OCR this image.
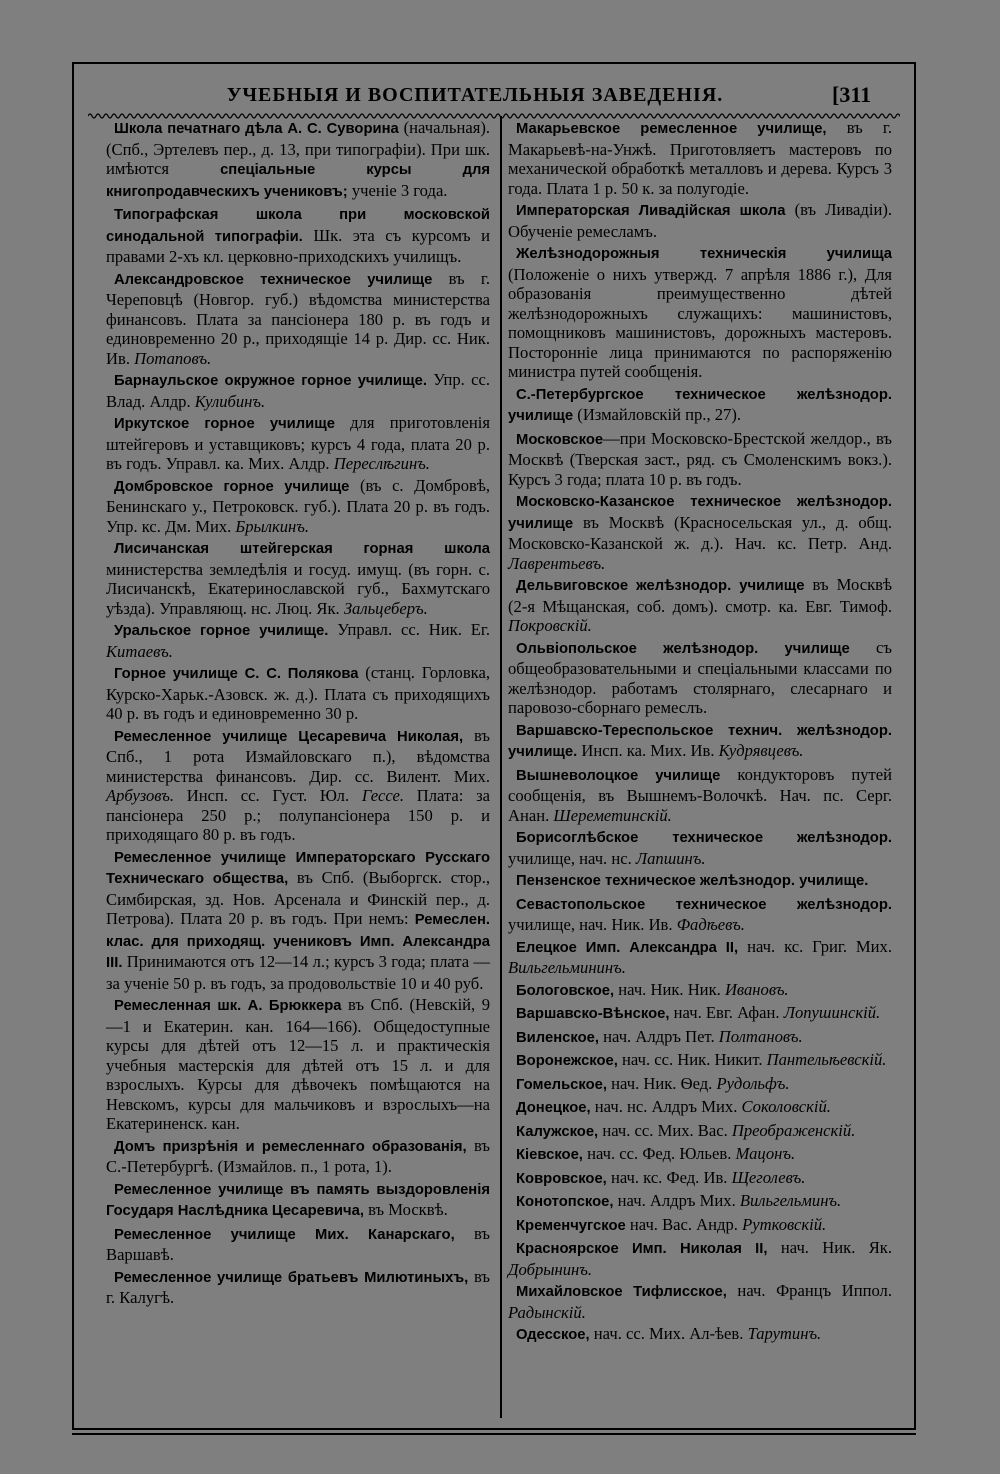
УЧЕБНЫЯ И ВОСПИТАТЕЛЬНЫЯ ЗАВЕДЕНІЯ.	[311

Школа печатнаго дѣла А. С. Суворина (начальная). (Спб., Эртелевъ пер., д. 13, при типографіи). При шк. имѣются спеціальные курсы для книгопродавческихъ учениковъ; ученіе 3 года.

Типографская школа при московской синодальной типографіи. Шк. эта съ курсомъ и правами 2-хъ кл. церковно-приходскихъ училищъ.

Александровское техническое училище въ г. Череповцѣ (Новгор. губ.) вѣдомства министерства финансовъ. Плата за пансіонера 180 р. въ годъ и единовременно 20 р., приходящіе 14 р. Дир. сс. Ник. Ив. Потаповъ.

Барнаульское окружное горное училище. Упр. сс. Влад. Алдр. Кулибинъ.

Иркутское горное училище для приготовленія штейгеровъ и уставщиковъ; курсъ 4 года, плата 20 р. въ годъ. Управл. ка. Мих. Алдр. Переслѣгинъ.

Домбровское горное училище (въ с. Домбровѣ, Бенинскаго у., Петроковск. губ.). Плата 20 р. въ годъ. Упр. кс. Дм. Мих. Брылкинъ.

Лисичанская штейгерская горная школа министерства земледѣлія и госуд. имущ. (въ горн. с. Лисичанскѣ, Екатеринославской губ., Бахмутскаго уѣзда). Управляющ. нс. Люц. Як. Зальцеберъ.

Уральское горное училище. Управл. сс. Ник. Ег. Китаевъ.

Горное училище С. С. Полякова (станц. Горловка, Курско-Харьк.-Азовск. ж. д.). Плата съ приходящихъ 40 р. въ годъ и единовременно 30 р.

Ремесленное училище Цесаревича Николая, въ Спб., 1 рота Измайловскаго п.), вѣдомства министерства финансовъ. Дир. сс. Вилент. Мих. Арбузовъ. Инсп. сс. Густ. Юл. Гессе. Плата: за пансіонера 250 р.; полупансіонера 150 р. и приходящаго 80 р. въ годъ.

Ремесленное училище Императорскаго Русскаго Техническаго общества, въ Спб. (Выборгск. стор., Симбирская, зд. Нов. Арсенала и Финскій пер., д. Петрова). Плата 20 р. въ годъ. При немъ: Ремеслен. клас. для приходящ. учениковъ Имп. Александра III. Принимаются отъ 12—14 л.; курсъ 3 года; плата — за ученіе 50 р. въ годъ, за продовольствіе 10 и 40 руб.

Ремесленная шк. А. Брюккера въ Спб. (Невскій, 9—1 и Екатерин. кан. 164—166). Общедоступные курсы для дѣтей отъ 12—15 л. и практическія учебныя мастерскія для дѣтей отъ 15 л. и для взрослыхъ. Курсы для дѣвочекъ помѣщаются на Невскомъ, курсы для мальчиковъ и взрослыхъ—на Екатериненск. кан.

Домъ призрѣнія и ремесленнаго образованія, въ С.-Петербургѣ. (Измайлов. п., 1 рота, 1).

Ремесленное училище въ память выздоровленія Государя Наслѣдника Цесаревича, въ Москвѣ.

Ремесленное училище Мих. Канарскаго, въ Варшавѣ.

Ремесленное училище братьевъ Милютиныхъ, въ г. Калугѣ.

Макарьевское ремесленное училище, въ г. Макарьевѣ-на-Унжѣ. Приготовляетъ мастеровъ по механической обработкѣ металловъ и дерева. Курсъ 3 года. Плата 1 р. 50 к. за полугодіе.

Императорская Ливадійская школа (въ Ливадіи). Обученіе ремесламъ.

Желѣзнодорожныя техническія училища (Положеніе о нихъ утвержд. 7 апрѣля 1886 г.), Для образованія преимущественно дѣтей желѣзнодорожныхъ служащихъ: машинистовъ, помощниковъ машинистовъ, дорожныхъ мастеровъ. Посторонніе лица принимаются по распоряженію министра путей сообщенія.

С.-Петербургское техническое желѣзнодор. училище (Измайловскій пр., 27).

Московское—при Московско-Брестской желдор., въ Москвѣ (Тверская заст., ряд. съ Смоленскимъ вокз.). Курсъ 3 года; плата 10 р. въ годъ.

Московско-Казанское техническое желѣзнодор. училище въ Москвѣ (Красносельская ул., д. общ. Московско-Казанской ж. д.). Нач. кс. Петр. Анд. Лаврентьевъ.

Дельвиговское желѣзнодор. училище въ Москвѣ (2-я Мѣщанская, соб. домъ). смотр. ка. Евг. Тимоф. Покровскій.

Ольвіопольское желѣзнодор. училище съ общеобразовательными и спеціальными классами по желѣзнодор. работамъ столярнаго, слесарнаго и паровозо-сборнаго ремеслъ.

Варшавско-Тереспольское технич. желѣзнодор. училище. Инсп. ка. Мих. Ив. Кудрявцевъ.

Вышневолоцкое училище кондукторовъ путей сообщенія, въ Вышнемъ-Волочкѣ. Нач. пс. Серг. Анан. Шереметинскій.

Борисоглѣбское техническое желѣзнодор. училище, нач. нс. Лапшинъ.

Пензенское техническое желѣзнодор. училище.

Севастопольское техническое желѣзнодор. училище, нач. Ник. Ив. Фадѣевъ.

Елецкое Имп. Александра II, нач. кс. Григ. Мих. Вильгельмининъ.

Бологовское, нач. Ник. Ник. Ивановъ.

Варшавско-Вѣнское, нач. Евг. Афан. Лопушинскій.

Виленское, нач. Алдръ Пет. Полтановъ.

Воронежское, нач. сс. Ник. Никит. Пантельѣевскій.

Гомельское, нач. Ник. Ѳед. Рудольфъ.

Донецкое, нач. нс. Алдръ Мих. Соколовскій.

Калужское, нач. сс. Мих. Вас. Преображенскій.

Кіевское, нач. сс. Фед. Юльев. Мацонъ.

Ковровское, нач. кс. Фед. Ив. Щеголевъ.

Конотопское, нач. Алдръ Мих. Вильгельминъ.

Кременчугское нач. Вас. Андр. Рутковскій.

Красноярское Имп. Николая II, нач. Ник. Як. Добрынинъ.

Михайловское Тифлисское, нач. Францъ Иппол. Радынскій.

Одесское, нач. сс. Мих. Ал-ѣев. Тарутинъ.
